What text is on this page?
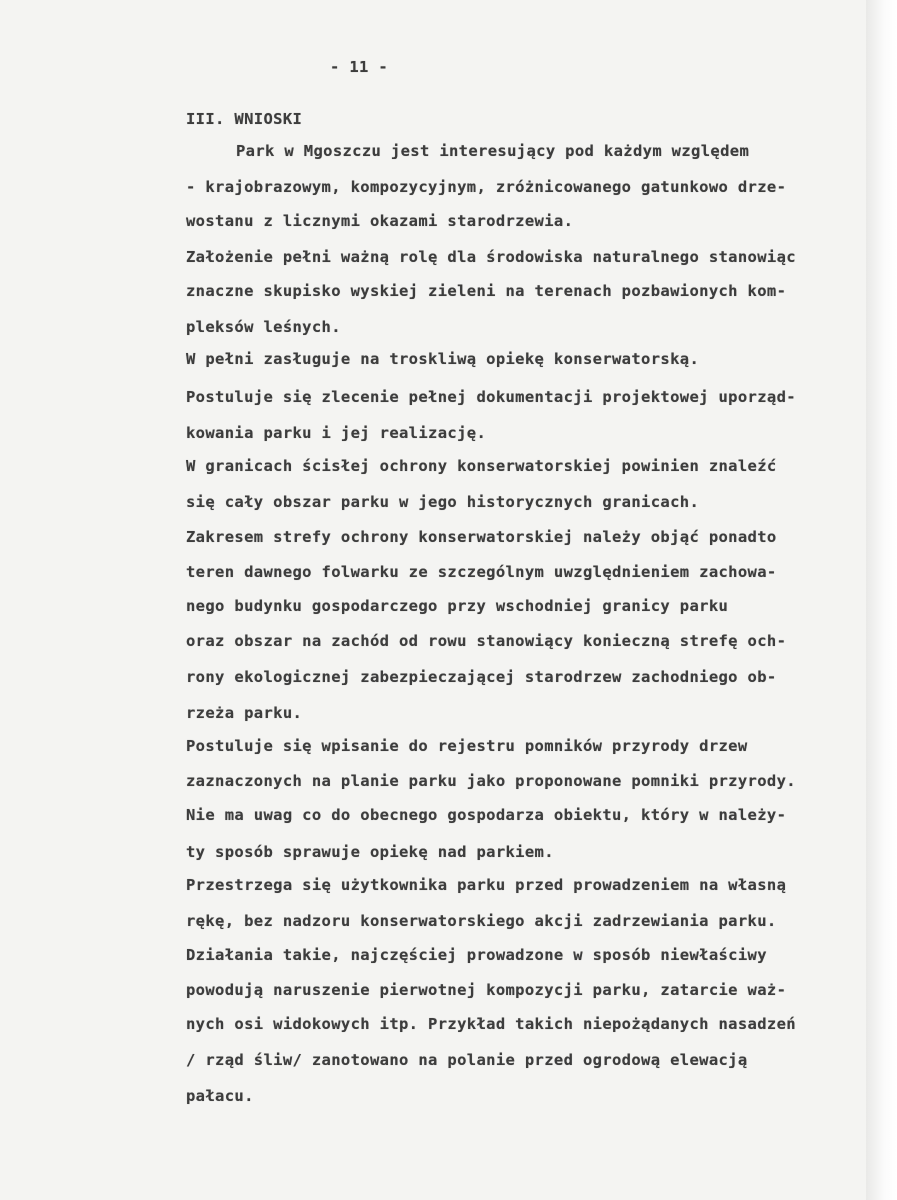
- 11 -
III. WNIOSKI
Park w Mgoszczu jest interesujący pod każdym względem
- krajobrazowym, kompozycyjnym, zróżnicowanego gatunkowo drze-
wostanu z licznymi okazami starodrzewia.
Założenie pełni ważną rolę dla środowiska naturalnego stanowiąc
znaczne skupisko wyskiej zieleni na terenach pozbawionych kom-
pleksów leśnych.
W pełni zasługuje na troskliwą opiekę konserwatorską.
Postuluje się zlecenie pełnej dokumentacji projektowej uporząd-
kowania parku i jej realizację.
W granicach ścisłej ochrony konserwatorskiej powinien znaleźć
się cały obszar parku w jego historycznych granicach.
Zakresem strefy ochrony konserwatorskiej należy objąć ponadto
teren dawnego folwarku ze szczególnym uwzględnieniem zachowa-
nego budynku gospodarczego przy wschodniej granicy parku
oraz obszar na zachód od rowu stanowiący konieczną strefę och-
rony ekologicznej zabezpieczającej starodrzew zachodniego ob-
rzeża parku.
Postuluje się wpisanie do rejestru pomników przyrody drzew
zaznaczonych na planie parku jako proponowane pomniki przyrody.
Nie ma uwag co do obecnego gospodarza obiektu, który w należy-
ty sposób sprawuje opiekę nad parkiem.
Przestrzega się użytkownika parku przed prowadzeniem na własną
rękę, bez nadzoru konserwatorskiego akcji zadrzewiania parku.
Działania takie, najczęściej prowadzone w sposób niewłaściwy
powodują naruszenie pierwotnej kompozycji parku, zatarcie waż-
nych osi widokowych itp. Przykład takich niepożądanych nasadzeń
/ rząd śliw/ zanotowano na polanie przed ogrodową elewacją
pałacu.
